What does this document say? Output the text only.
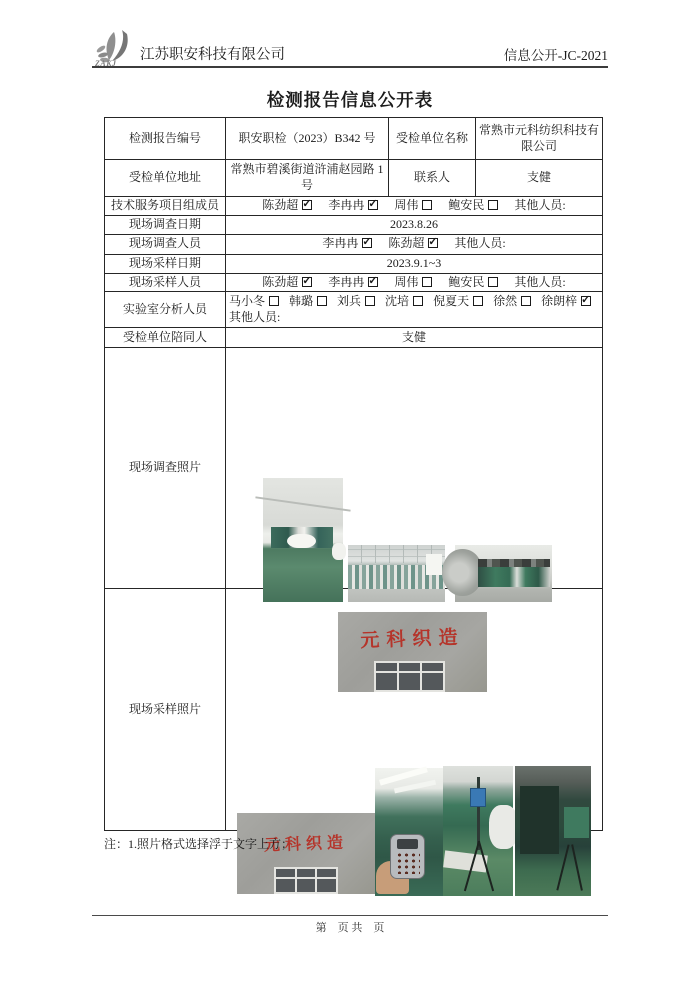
ZAKJ
江苏职安科技有限公司	信息公开-JC-2021
检测报告信息公开表
检测报告编号	职安职检（2023）B342 号	受检单位名称	常熟市元科纺织科技有限公司
受检单位地址	常熟市碧溪街道浒浦赵园路 1 号	联系人	支健
技术服务项目组成员	陈劲超 ✓ 李冉冉 ✓ 周伟 鲍安民 其他人员:
现场调查日期	2023.8.26		
现场调查人员	李冉冉 ✓ 陈劲超 ✓ 其他人员:
现场采样日期	2023.9.1~3		
现场采样人员	陈劲超 ✓ 李冉冉 ✓ 周伟 鲍安民 其他人员:
实验室分析人员	马小冬 韩璐 刘兵 沈培 倪夏天 徐然 徐朗梓✓
其他人员:

受检单位陪同人	支健		
现场调查照片	元科织造		

现场采样照片	元科织造		
注：1.照片格式选择浮于文字上方；
第　页 共　页
